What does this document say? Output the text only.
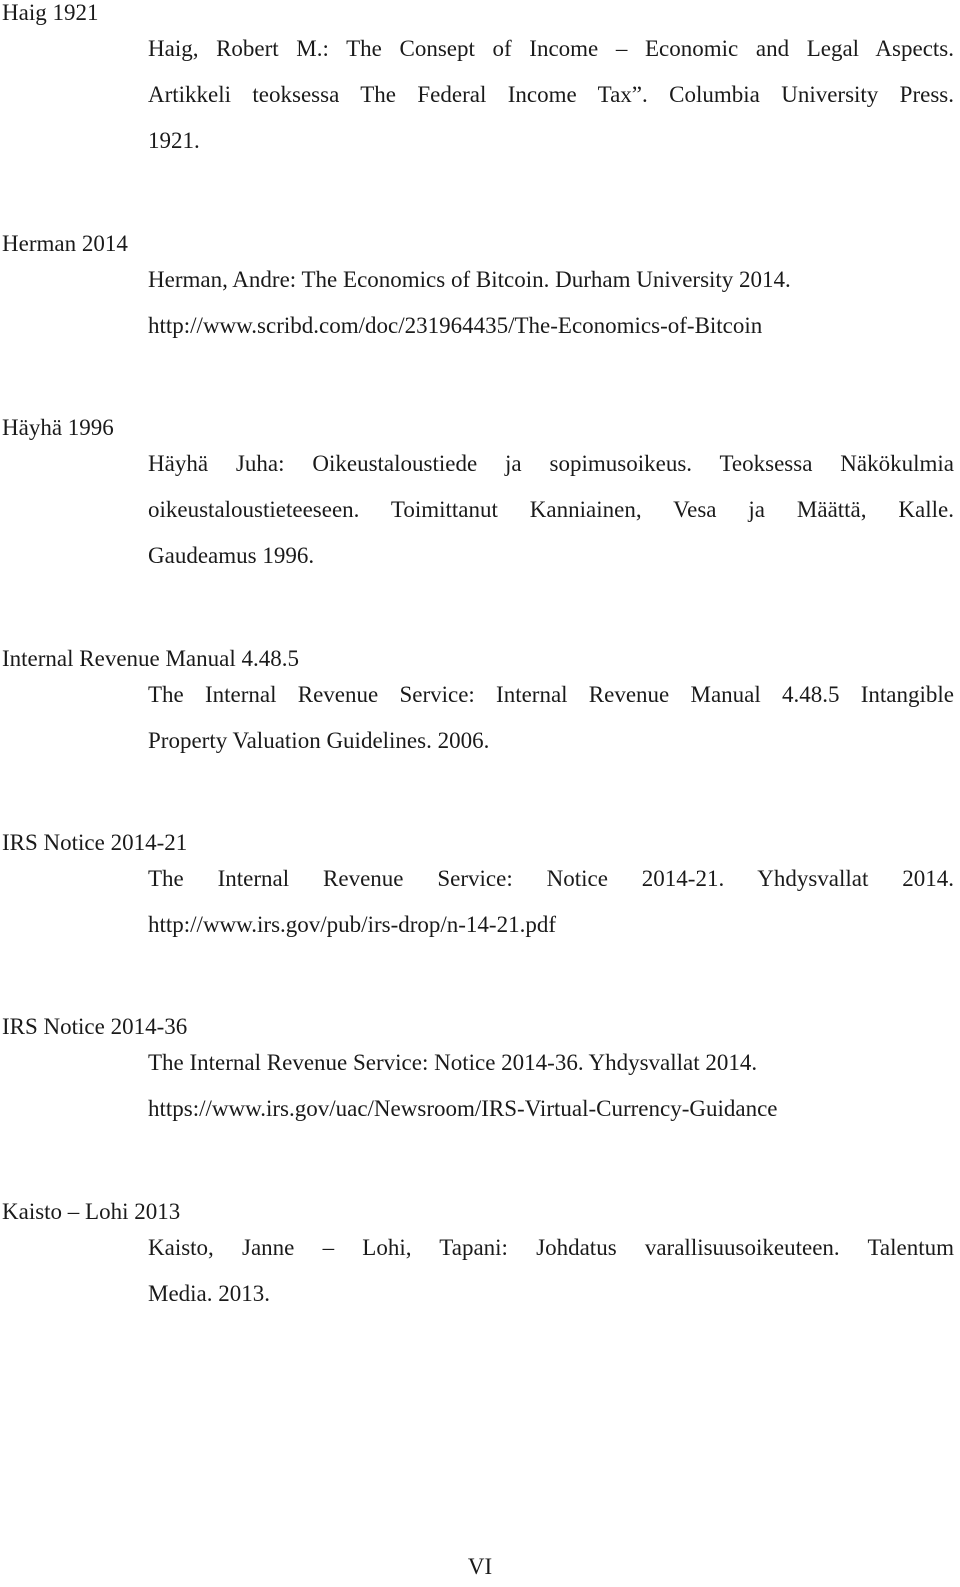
Haig 1921
Haig, Robert M.: The Consept of Income – Economic and Legal Aspects.
Artikkeli teoksessa The Federal Income Tax”. Columbia University Press.
1921.
Herman 2014
Herman, Andre: The Economics of Bitcoin. Durham University 2014.
http://www.scribd.com/doc/231964435/The-Economics-of-Bitcoin
Häyhä 1996
Häyhä Juha: Oikeustaloustiede ja sopimusoikeus. Teoksessa Näkökulmia
oikeustaloustieteeseen. Toimittanut Kanniainen, Vesa ja Määttä, Kalle.
Gaudeamus 1996.
Internal Revenue Manual 4.48.5
The Internal Revenue Service: Internal Revenue Manual 4.48.5 Intangible
Property Valuation Guidelines. 2006.
IRS Notice 2014-21
The Internal Revenue Service: Notice 2014-21. Yhdysvallat 2014.
http://www.irs.gov/pub/irs-drop/n-14-21.pdf
IRS Notice 2014-36
The Internal Revenue Service: Notice 2014-36. Yhdysvallat 2014.
https://www.irs.gov/uac/Newsroom/IRS-Virtual-Currency-Guidance
Kaisto – Lohi 2013
Kaisto, Janne – Lohi, Tapani: Johdatus varallisuusoikeuteen. Talentum
Media. 2013.
VI
